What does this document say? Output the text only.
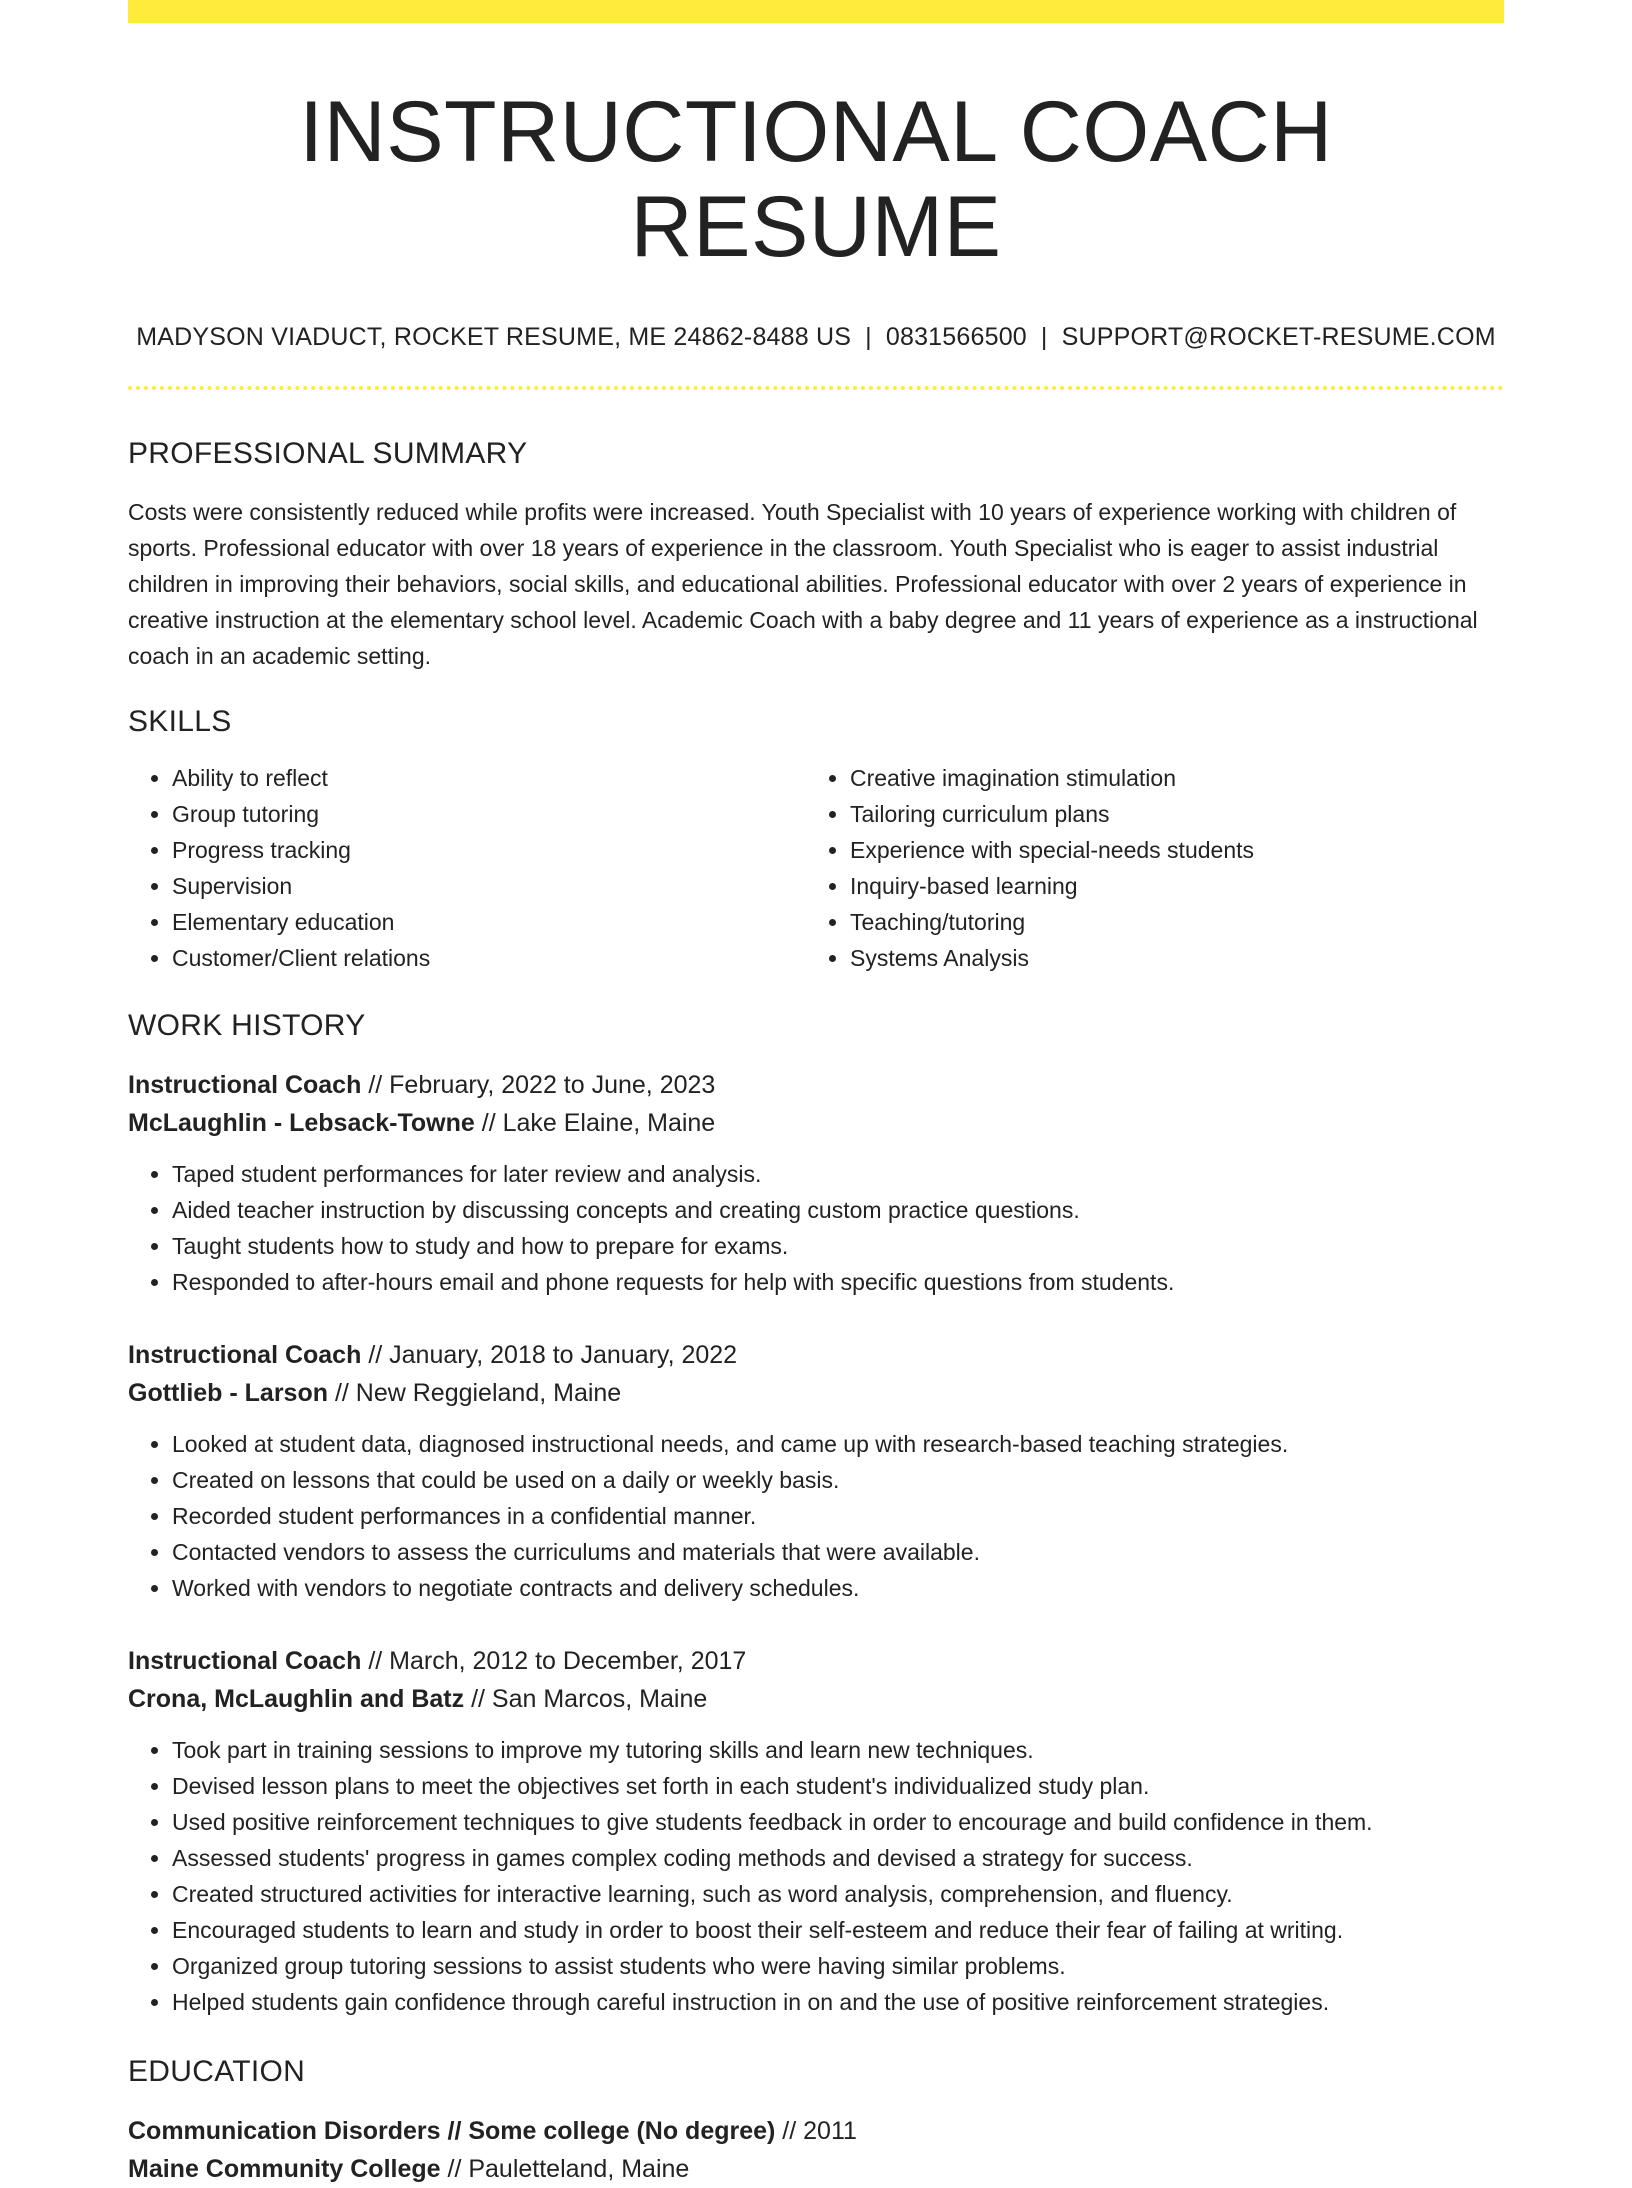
INSTRUCTIONAL COACH RESUME
MADYSON VIADUCT, ROCKET RESUME, ME 24862-8488 US | 0831566500 | SUPPORT@ROCKET-RESUME.COM
PROFESSIONAL SUMMARY

Costs were consistently reduced while profits were increased. Youth Specialist with 10 years of experience working with children of sports. Professional educator with over 18 years of experience in the classroom. Youth Specialist who is eager to assist industrial children in improving their behaviors, social skills, and educational abilities. Professional educator with over 2 years of experience in creative instruction at the elementary school level. Academic Coach with a baby degree and 11 years of experience as a instructional coach in an academic setting.

SKILLS
• Ability to reflect
• Group tutoring
• Progress tracking
• Supervision
• Elementary education
• Customer/Client relations
• Creative imagination stimulation
• Tailoring curriculum plans
• Experience with special-needs students
• Inquiry-based learning
• Teaching/tutoring
• Systems Analysis
WORK HISTORY
Instructional Coach // February, 2022 to June, 2023
McLaughlin - Lebsack-Towne // Lake Elaine, Maine
• Taped student performances for later review and analysis.
• Aided teacher instruction by discussing concepts and creating custom practice questions.
• Taught students how to study and how to prepare for exams.
• Responded to after-hours email and phone requests for help with specific questions from students.
Instructional Coach // January, 2018 to January, 2022
Gottlieb - Larson // New Reggieland, Maine
• Looked at student data, diagnosed instructional needs, and came up with research-based teaching strategies.
• Created on lessons that could be used on a daily or weekly basis.
• Recorded student performances in a confidential manner.
• Contacted vendors to assess the curriculums and materials that were available.
• Worked with vendors to negotiate contracts and delivery schedules.
Instructional Coach // March, 2012 to December, 2017
Crona, McLaughlin and Batz // San Marcos, Maine
• Took part in training sessions to improve my tutoring skills and learn new techniques.
• Devised lesson plans to meet the objectives set forth in each student's individualized study plan.
• Used positive reinforcement techniques to give students feedback in order to encourage and build confidence in them.
• Assessed students' progress in games complex coding methods and devised a strategy for success.
• Created structured activities for interactive learning, such as word analysis, comprehension, and fluency.
• Encouraged students to learn and study in order to boost their self-esteem and reduce their fear of failing at writing.
• Organized group tutoring sessions to assist students who were having similar problems.
• Helped students gain confidence through careful instruction in on and the use of positive reinforcement strategies.
EDUCATION
Communication Disorders // Some college (No degree) // 2011
Maine Community College // Pauletteland, Maine
